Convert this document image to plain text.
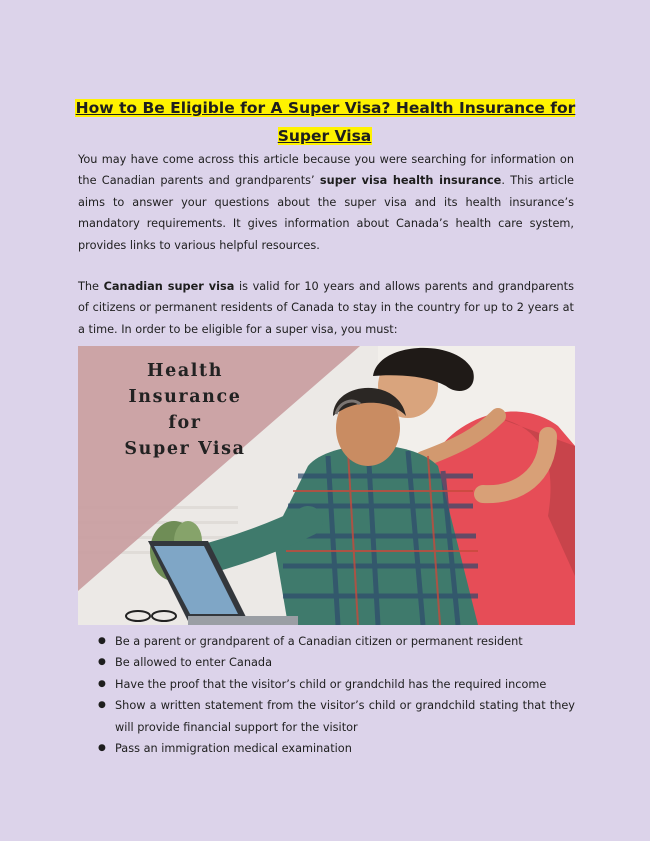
How to Be Eligible for A Super Visa? Health Insurance for Super Visa

You may have come across this article because you were searching for information on the Canadian parents and grandparents’ super visa health insurance. This article aims to answer your questions about the super visa and its health insurance’s mandatory requirements. It gives information about Canada’s health care system, provides links to various helpful resources.

The Canadian super visa is valid for 10 years and allows parents and grandparents of citizens or permanent residents of Canada to stay in the country for up to 2 years at a time. In order to be eligible for a super visa, you must:

Health Insurance
for
Super Visa
● Be a parent or grandparent of a Canadian citizen or permanent resident
● Be allowed to enter Canada
● Have the proof that the visitor’s child or grandchild has the required income
● Show a written statement from the visitor’s child or grandchild stating that they will provide financial support for the visitor
● Pass an immigration medical examination
